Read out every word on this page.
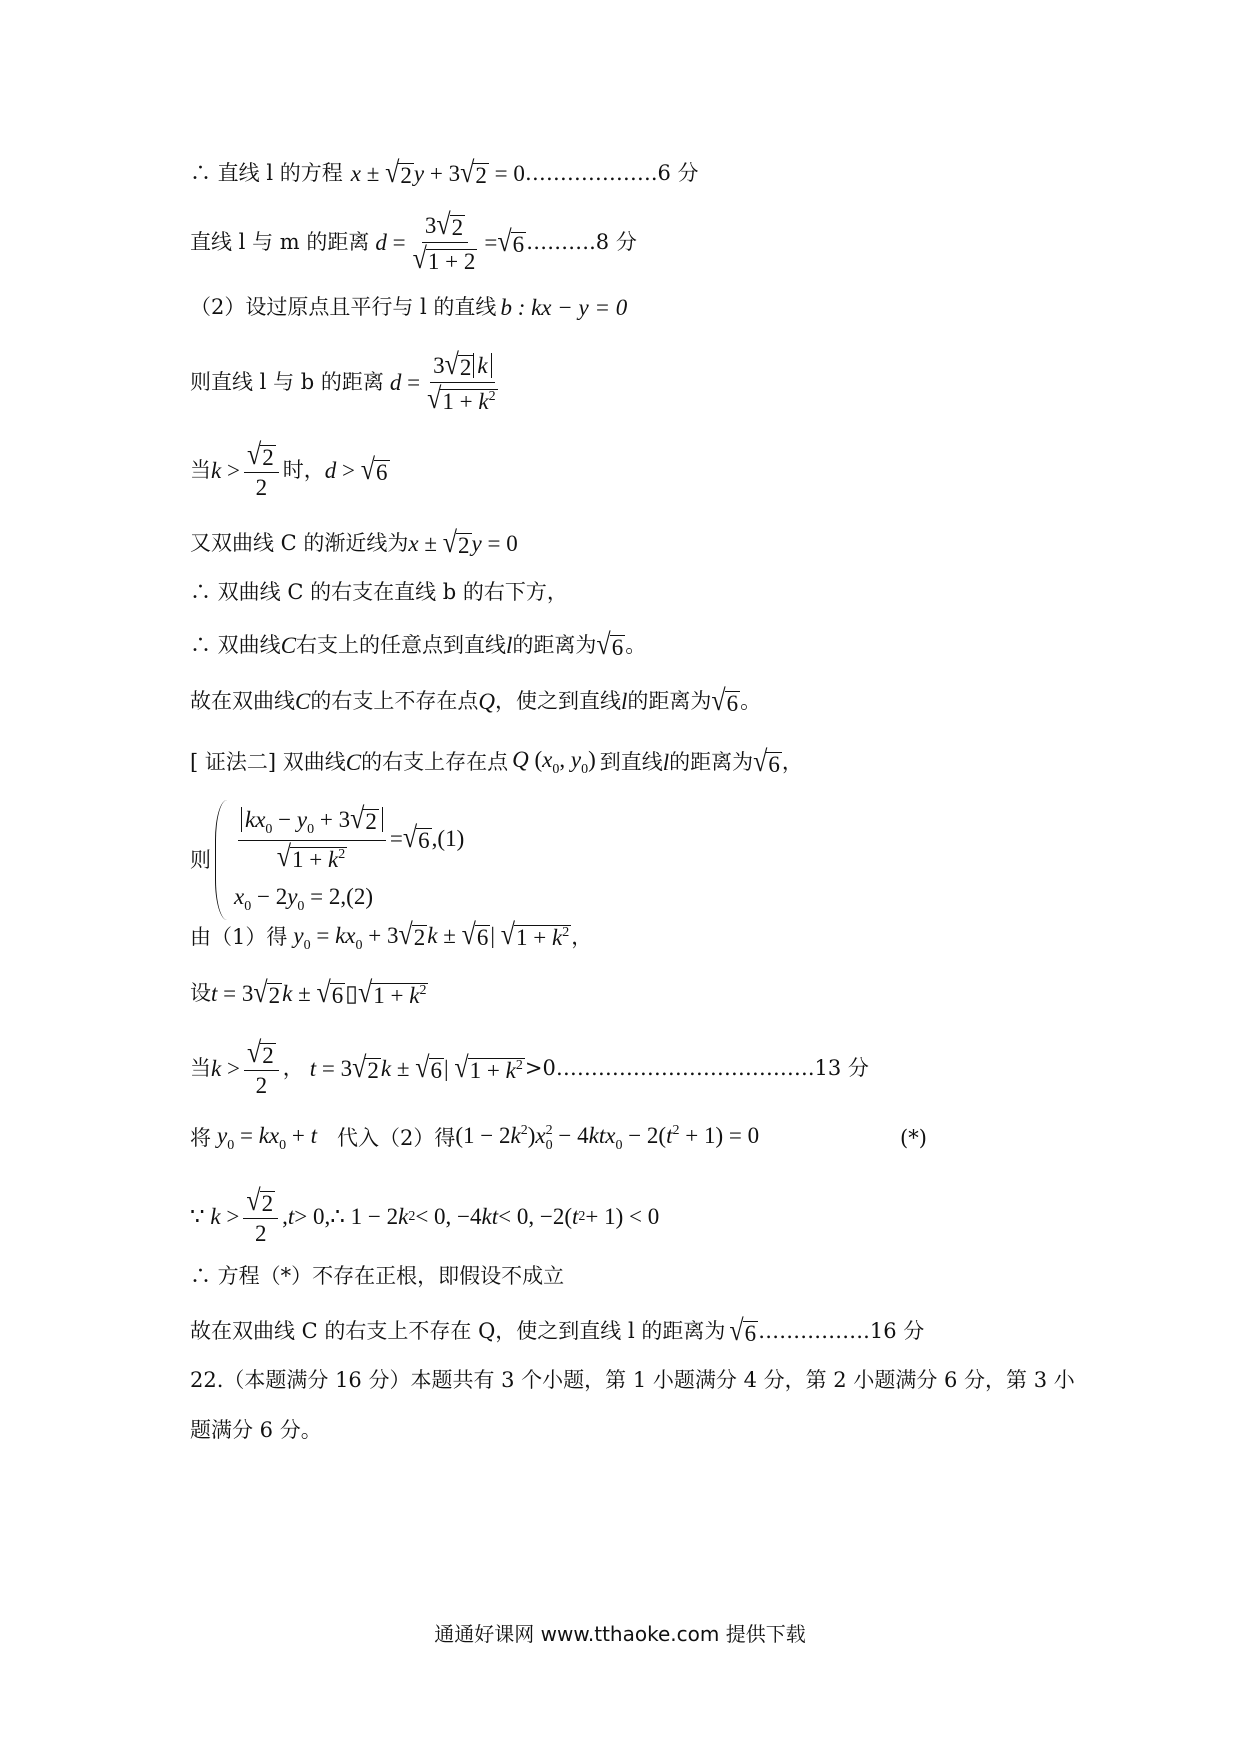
∴ 直线 l 的方程 x ± √ 2 y + 3 √ 2 = 0 ……………….6 分
直线 l 与 m 的距离 $d = \frac{3 √ 2}{√ 1 + 2}$ = √ 6 ……….8 分
（2）设过原点且平行与 l 的直线 b : kx − y = 0
则直线 l 与 b 的距离 $d = \frac{3 √ 2 k}{√ 1 + k^2}$
当 $k > \frac{√ 2}{2}$ 时， d > √ 6
又双曲线 C 的渐近线为 x ± √ 2 y = 0
∴ 双曲线 C 的右支在直线 b 的右下方，
∴ 双曲线 C 右支上的任意点到直线 l 的距离为 √ 6 。
故在双曲线 C 的右支上不存在点 Q ，使之到直线 l 的距离为 √ 6 。
[ 证法二] 双曲线 C 的右支上存在点 Q ($x_0$, $y_0$) 到直线 l 的距离为 √ 6 ，
则 $\frac{kx_0 - y_0 + 3 √ 2}{√ 1 + k^2}$ = √ 6 ,(1)
$x_0 - 2y_0 = 2,(2)$
由（1）得 $y_0 = kx_0 + 3$ √ 2 k ± √ 6 | √ $1 + k^2$ ，
设 t = 3 √ 2 k ± √ 6 ▯ √ $1 + k^2$
当 $k > \frac{√ 2}{2}$ ， t = 3 √ 2 k ± √ 6 | √ $1 + k^2$ >0……………………………….13 分
将 $y_0 = kx_0 + t$ 代入（2）得 $(1 - 2k^2)x_0^2 - 4ktx_0 - 2(t^2 + 1) = 0$	(*)
∵ $k > \frac{√ 2}{2}$ , t > 0,∴ 1 − 2 k 2 < 0, −4 kt < 0, −2( t 2 + 1) < 0
∴ 方程（*）不存在正根，即假设不成立
故在双曲线 C 的右支上不存在 Q，使之到直线 l 的距离为 √ 6 …………….16 分
22.（本题满分 16 分）本题共有 3 个小题，第 1 小题满分 4 分，第 2 小题满分 6 分，第 3 小
题满分 6 分。
通通好课网 www.tthaoke.com 提供下载
